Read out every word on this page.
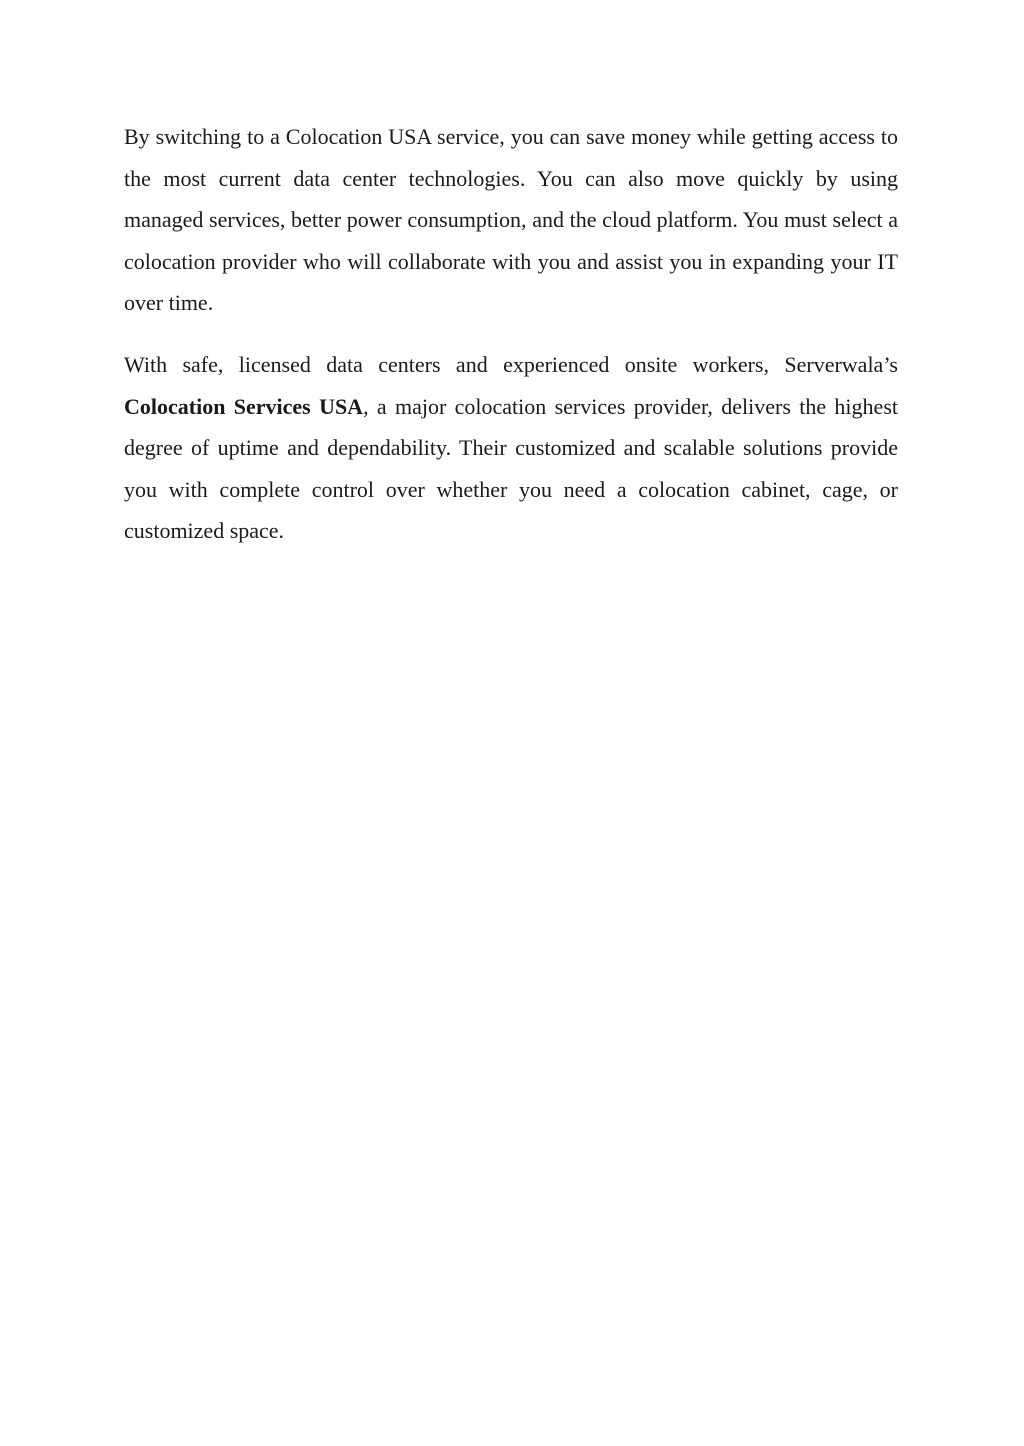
By switching to a Colocation USA service, you can save money while getting access to the most current data center technologies. You can also move quickly by using managed services, better power consumption, and the cloud platform. You must select a colocation provider who will collaborate with you and assist you in expanding your IT over time.

With safe, licensed data centers and experienced onsite workers, Serverwala’s Colocation Services USA, a major colocation services provider, delivers the highest degree of uptime and dependability. Their customized and scalable solutions provide you with complete control over whether you need a colocation cabinet, cage, or customized space.
